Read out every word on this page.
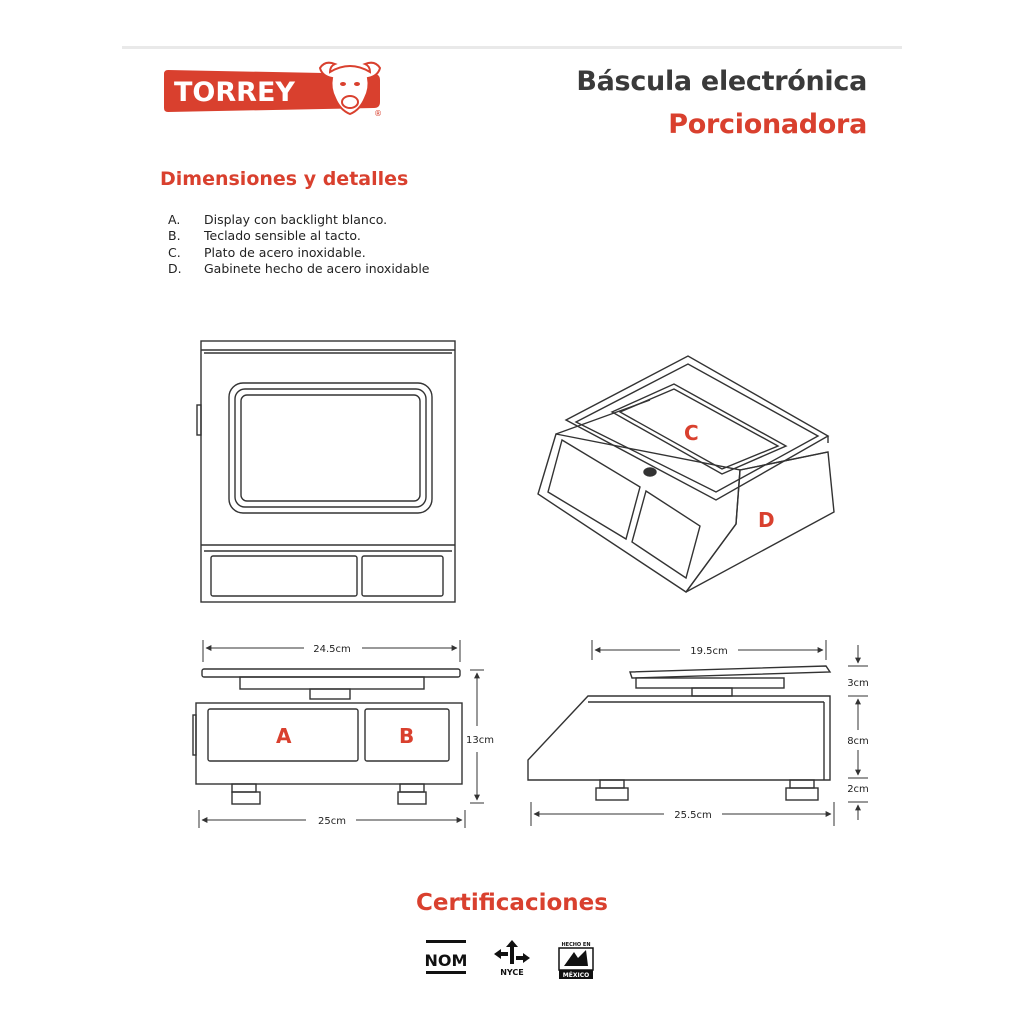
TORREY
®
Báscula electrónica
Porcionadora
Dimensiones y detalles
A.	Display con backlight blanco.
B.	Teclado sensible al tacto.
C.	Plato de acero inoxidable.
D.	Gabinete hecho de acero inoxidable
C
D
A	B
24.5cm
25cm
13cm
19.5cm
25.5cm
3cm
8cm
2cm
Certificaciones
NOM
NYCE
HECHO EN
MÉXICO
